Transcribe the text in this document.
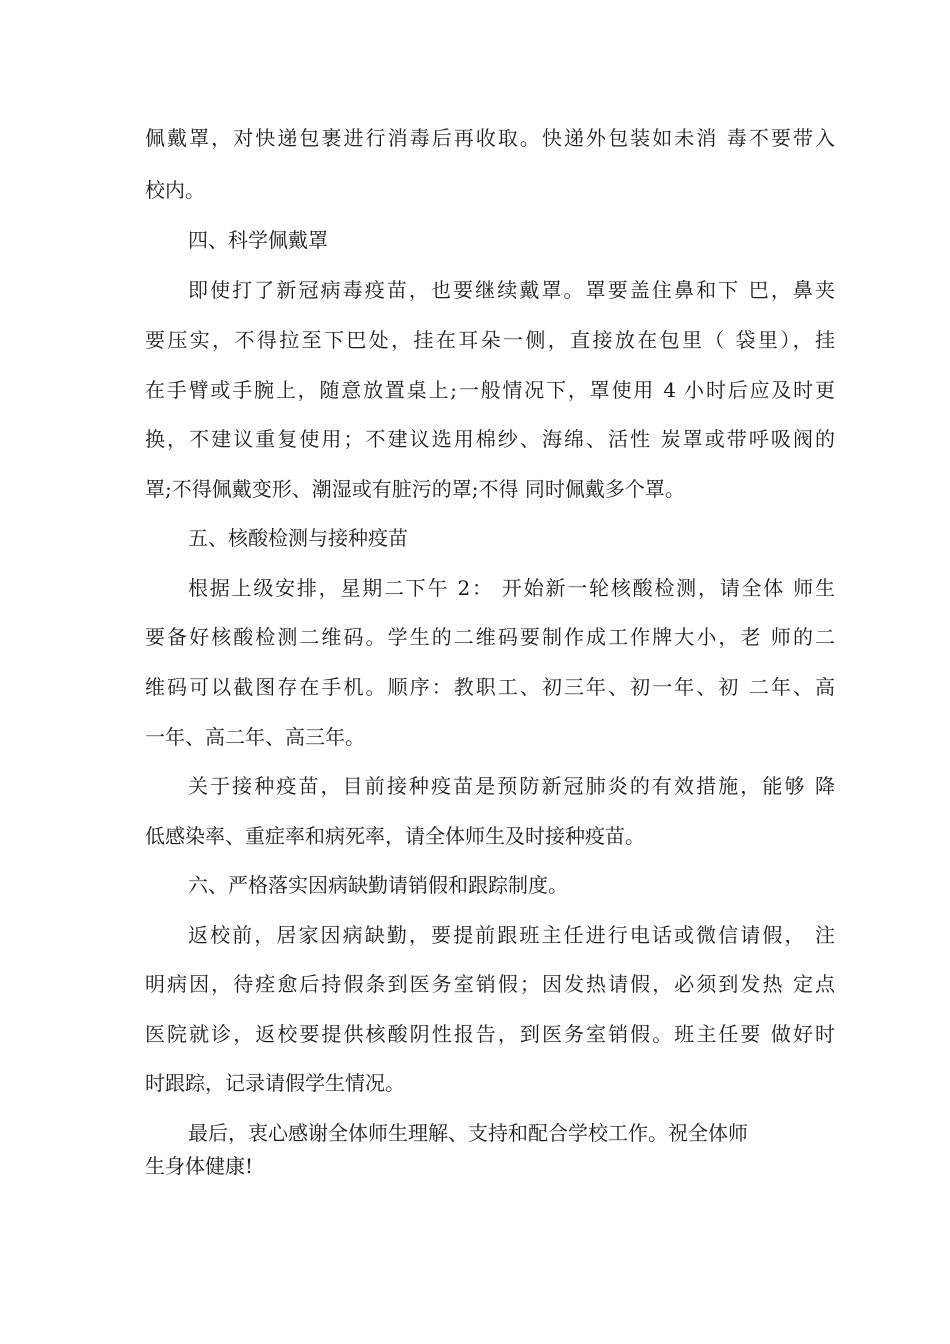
佩戴罩，对快递包裹进行消毒后再收取。快递外包装如未消 毒不要带入
校内。
四、科学佩戴罩
即使打了新冠病毒疫苗，也要继续戴罩。罩要盖住鼻和下 巴，鼻夹
要压实，不得拉至下巴处，挂在耳朵一侧，直接放在包里（ 袋里），挂
在手臂或手腕上，随意放置桌上;一般情况下，罩使用 4 小时后应及时更
换，不建议重复使用；不建议选用棉纱、海绵、活性 炭罩或带呼吸阀的
罩;不得佩戴变形、潮湿或有脏污的罩;不得 同时佩戴多个罩。
五、核酸检测与接种疫苗
根据上级安排，星期二下午 2： 开始新一轮核酸检测，请全体 师生
要备好核酸检测二维码。学生的二维码要制作成工作牌大小，老 师的二
维码可以截图存在手机。顺序：教职工、初三年、初一年、初 二年、高
一年、高二年、高三年。
关于接种疫苗，目前接种疫苗是预防新冠肺炎的有效措施，能够 降
低感染率、重症率和病死率，请全体师生及时接种疫苗。
六、严格落实因病缺勤请销假和跟踪制度。
返校前，居家因病缺勤，要提前跟班主任进行电话或微信请假， 注
明病因，待痊愈后持假条到医务室销假；因发热请假，必须到发热 定点
医院就诊，返校要提供核酸阴性报告，到医务室销假。班主任要 做好时
时跟踪，记录请假学生情况。
最后，衷心感谢全体师生理解、支持和配合学校工作。祝全体师
生身体健康!
